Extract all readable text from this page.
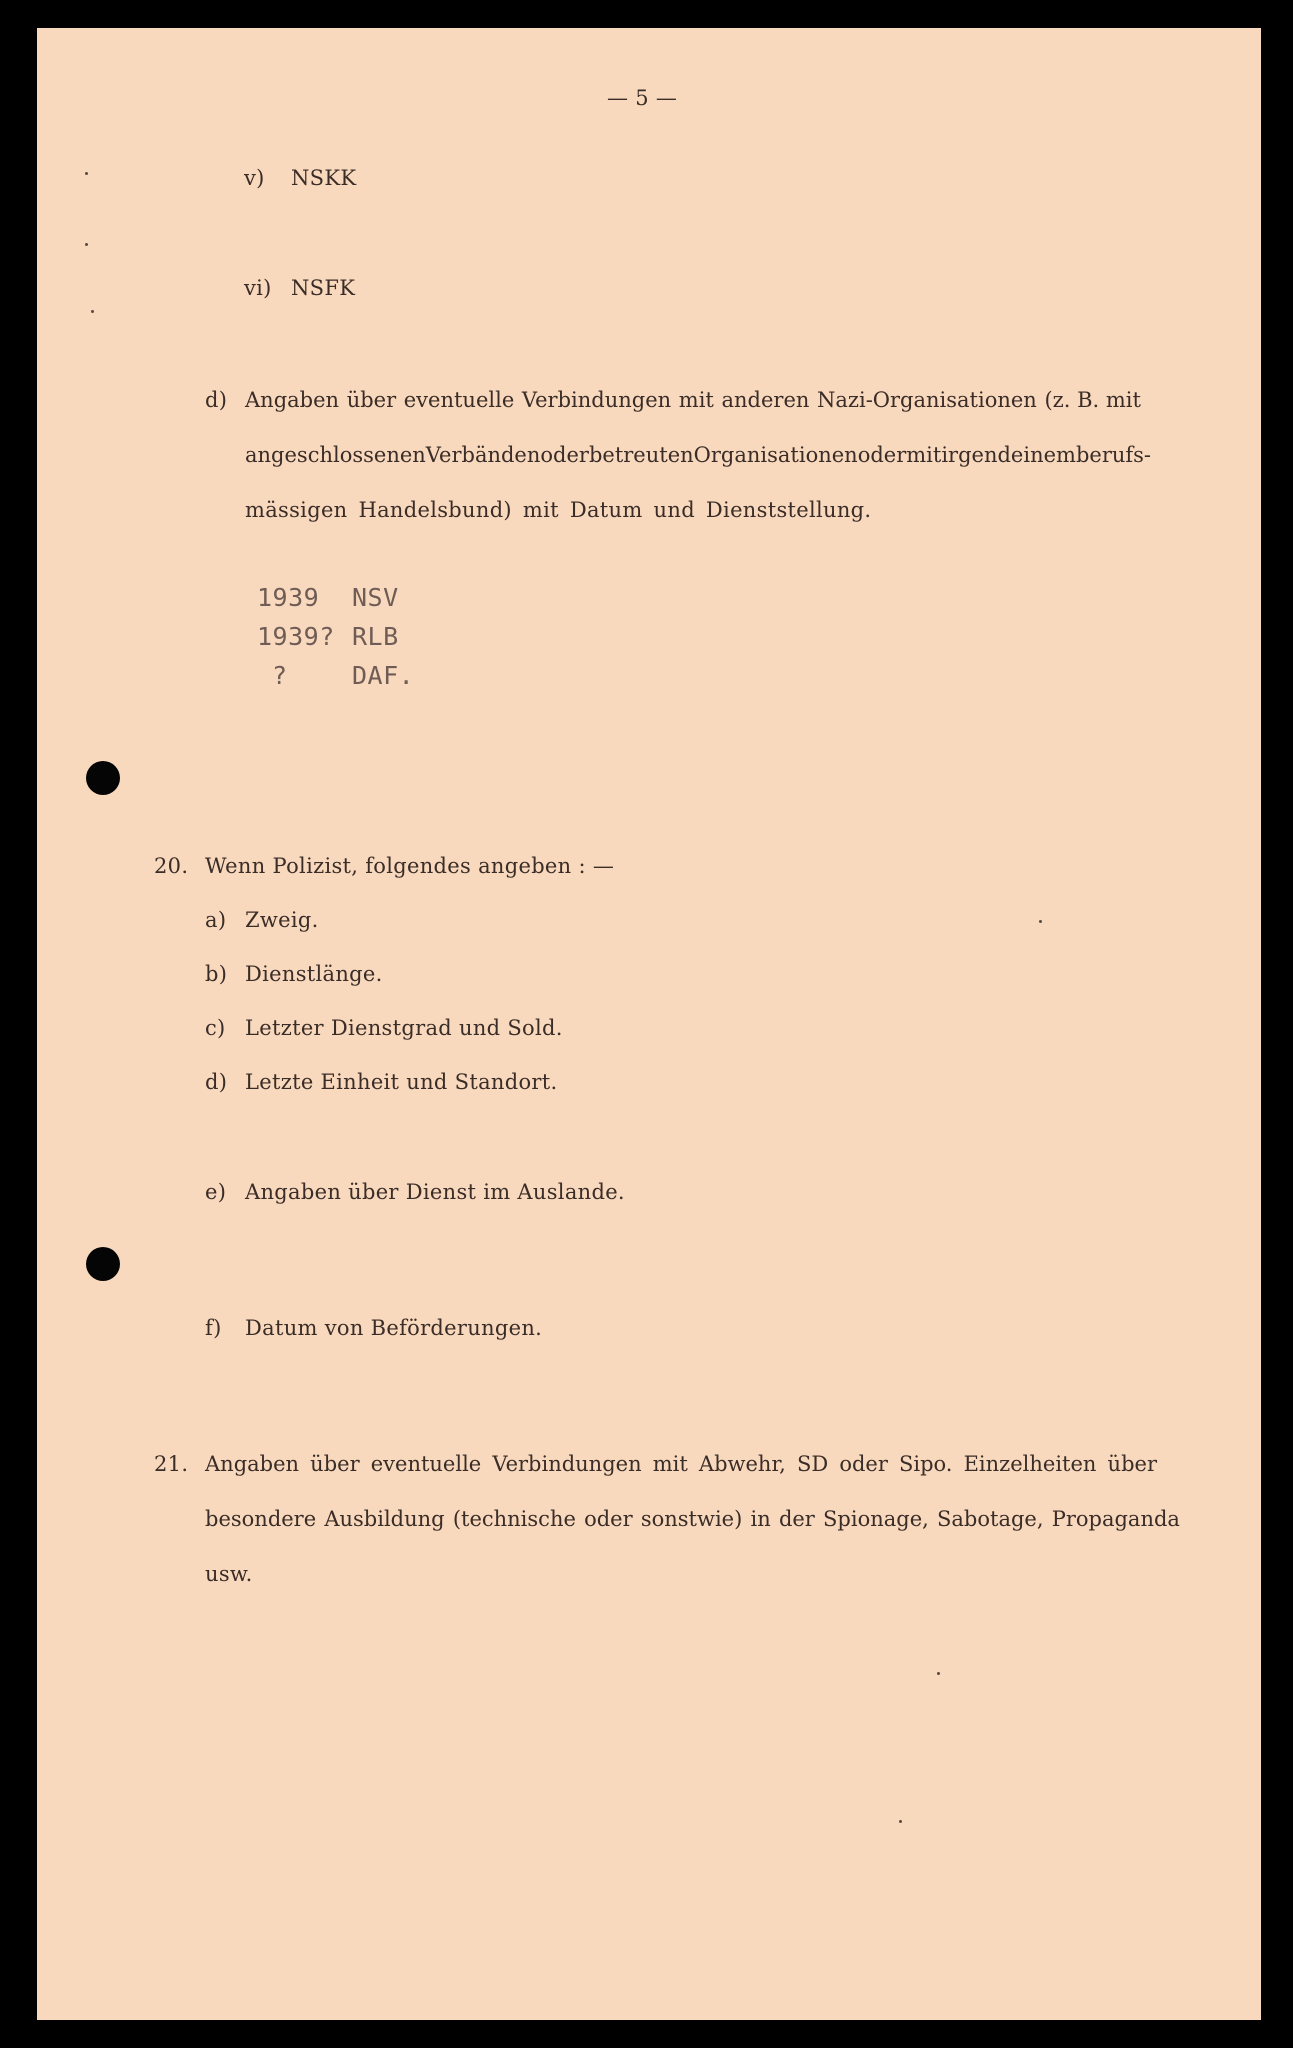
— 5 —
v) NSKK
vi) NSFK
d) Angaben über eventuelle Verbindungen mit anderen Nazi-Organisationen (z. B. mit
angeschlossenen Verbänden oder betreuten Organisationen oder mit irgendeinem berufs-
mässigen Handelsbund) mit Datum und Dienststellung.
1939 NSV
1939? RLB
?	DAF.
20. Wenn Polizist, folgendes angeben : —
a) Zweig.
b) Dienstlänge.
c) Letzter Dienstgrad und Sold.
d) Letzte Einheit und Standort.
e) Angaben über Dienst im Auslande.
f) Datum von Beförderungen.
21. Angaben über eventuelle Verbindungen mit Abwehr, SD oder Sipo. Einzelheiten über
besondere Ausbildung (technische oder sonstwie) in der Spionage, Sabotage, Propaganda
usw.
